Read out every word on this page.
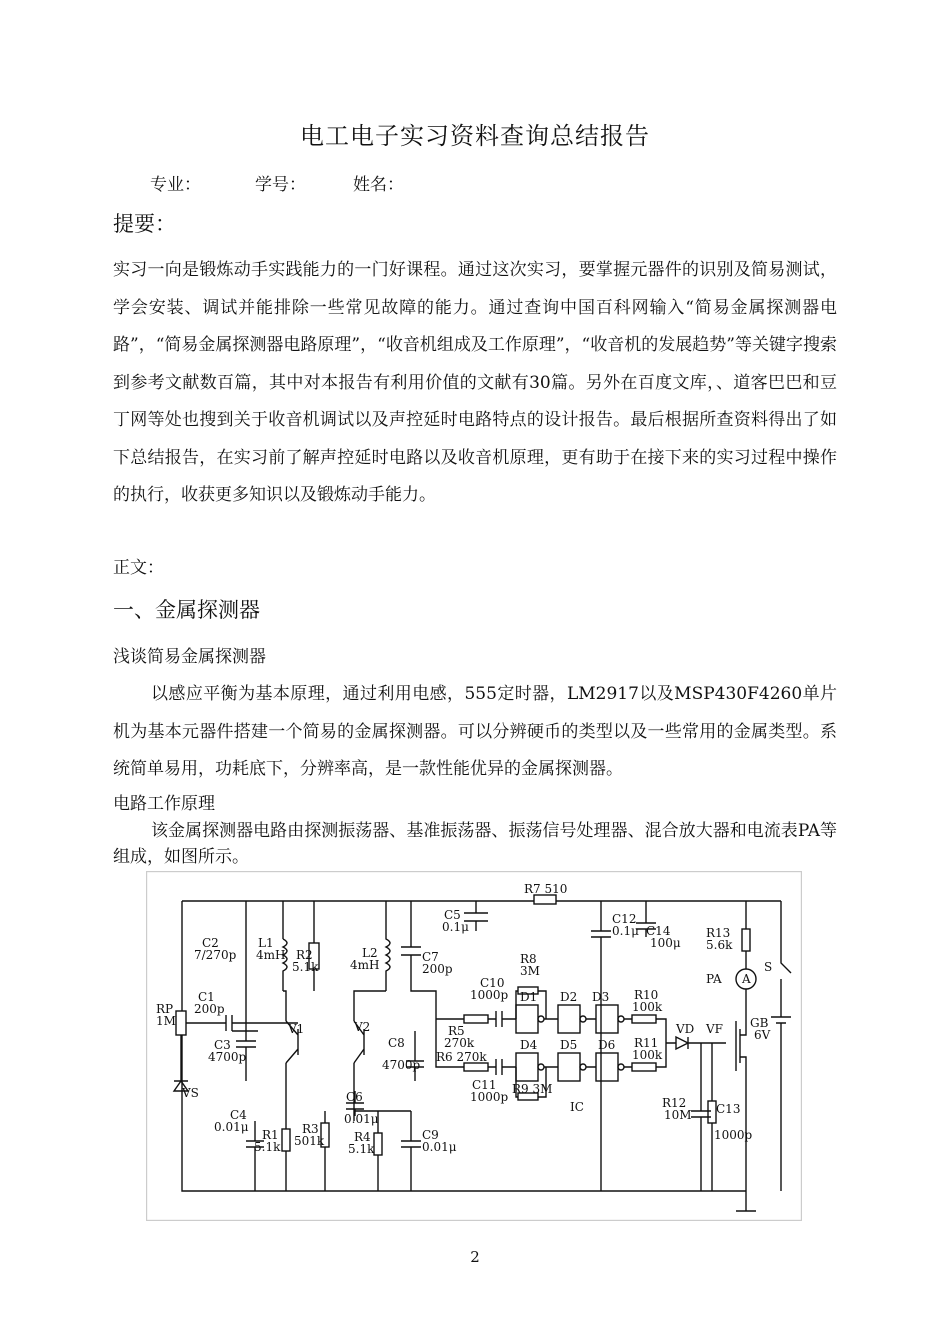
电工电子实习资料查询总结报告
专业：	学号：	姓名：
提要：
实习一向是锻炼动手实践能力的一门好课程。通过这次实习，要掌握元器件的识别及简易测试，学会安装、调试并能排除一些常见故障的能力。通过查询中国百科网输入“简易金属探测器电路”，“简易金属探测器电路原理”，“收音机组成及工作原理”，“收音机的发展趋势”等关键字搜索到参考文献数百篇，其中对本报告有利用价值的文献有30篇。另外在百度文库，、道客巴巴和豆丁网等处也搜到关于收音机调试以及声控延时电路特点的设计报告。最后根据所查资料得出了如下总结报告，在实习前了解声控延时电路以及收音机原理，更有助于在接下来的实习过程中操作的执行，收获更多知识以及锻炼动手能力。
正文：
一、金属探测器
浅谈简易金属探测器
以感应平衡为基本原理，通过利用电感，555定时器，LM2917以及MSP430F4260单片机为基本元器件搭建一个简易的金属探测器。可以分辨硬币的类型以及一些常用的金属类型。系统简单易用，功耗底下，分辨率高，是一款性能优异的金属探测器。
电路工作原理
该金属探测器电路由探测振荡器、基准振荡器、振荡信号处理器、混合放大器和电流表PA等组成，如图所示。
C2
7/270p
L1
4mH R2
5.1k
L2
4mH
C7
200p
C5
0.1μ
R7 510
R8
3M
C10
1000p D1 D2 D3 R10
100k
C12
0.1μ C14
100μ
R13
5.6k
PA A
S
GB
6V
RP
1M
C1
200p
V1	V2
C3
4700p
C8
4700p
R5
270k
R6 270k
D4 D5 D6 R11
100k
VD VF
VS
C11
1000p
R9 3M
IC
C6
0.01μ
C4
0.01μ
R1
5.1k
R3
501k R4
5.1k
C9
0.01μ
R12
10M C13
1000p
2
